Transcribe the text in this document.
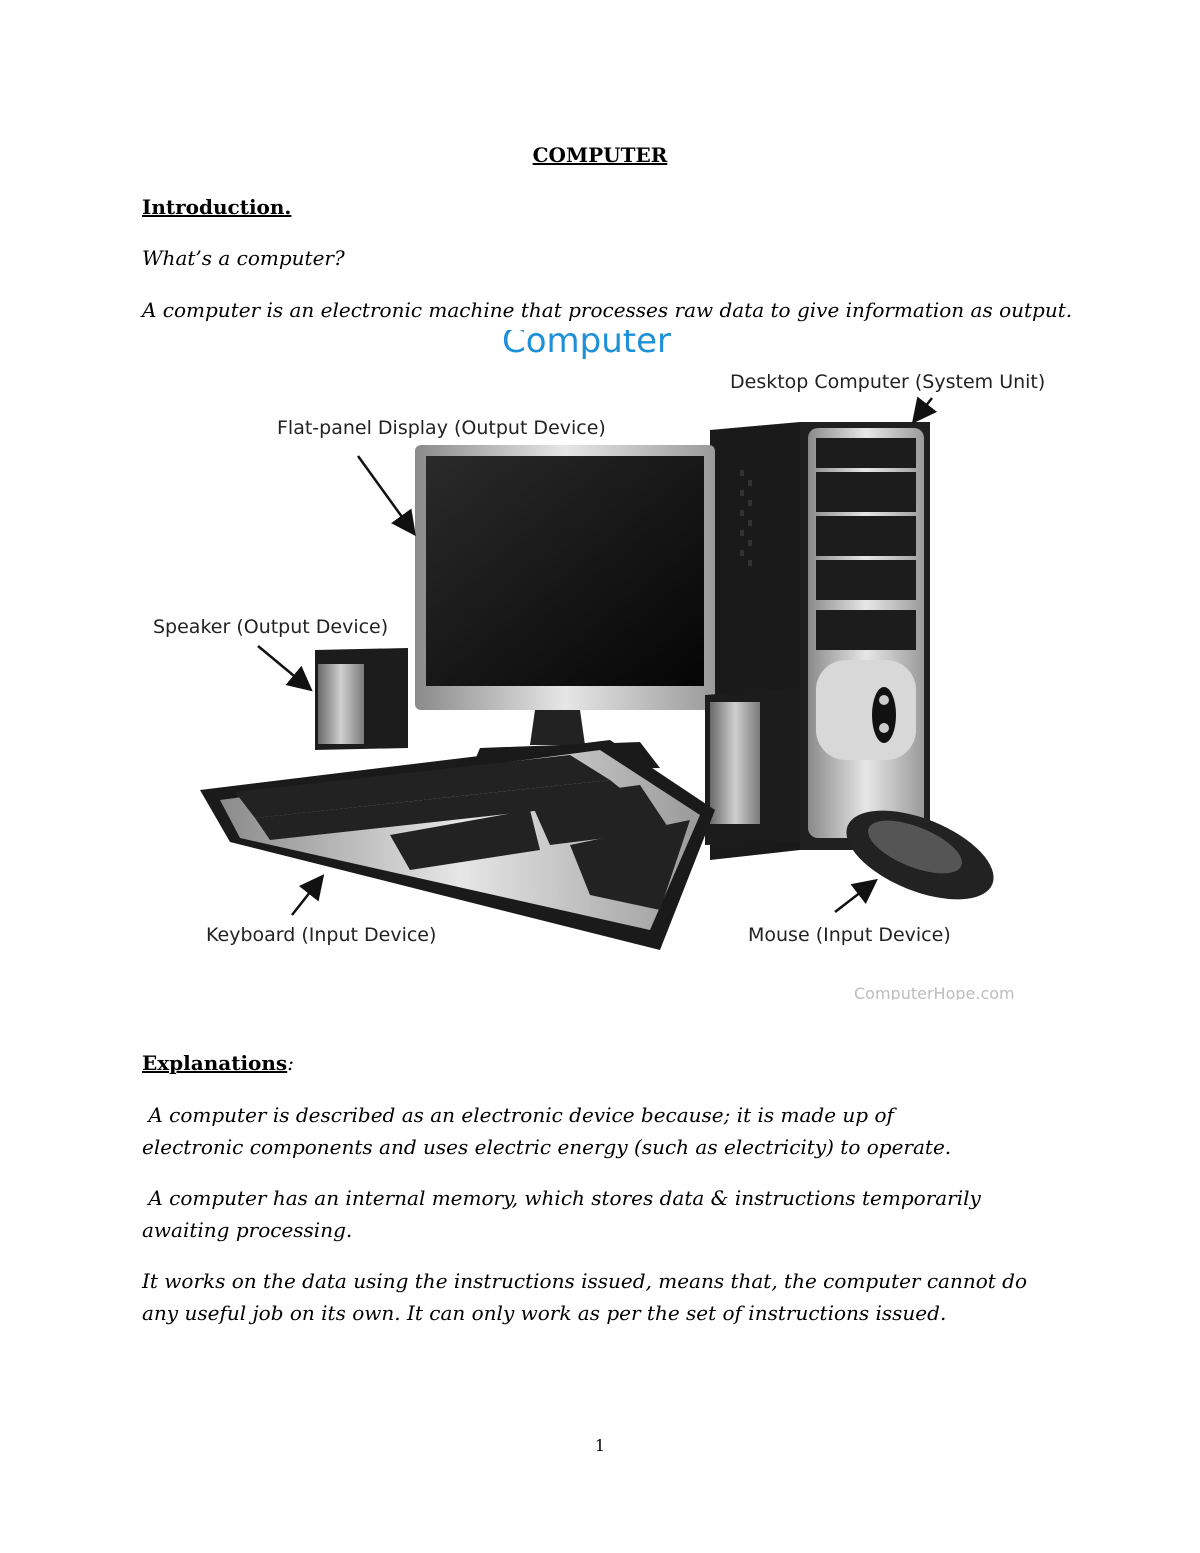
COMPUTER
Introduction.
What’s a computer?
A computer is an electronic machine that processes raw data to give information as output.
Computer
Desktop Computer (System Unit)
Flat-panel Display (Output Device)
Speaker (Output Device)
Keyboard (Input Device)	Mouse (Input Device)
ComputerHope.com
Explanations:
A computer is described as an electronic device because; it is made up of
electronic components and uses electric energy (such as electricity) to operate.
A computer has an internal memory, which stores data & instructions temporarily
awaiting processing.
It works on the data using the instructions issued, means that, the computer cannot do
any useful job on its own. It can only work as per the set of instructions issued.
1
